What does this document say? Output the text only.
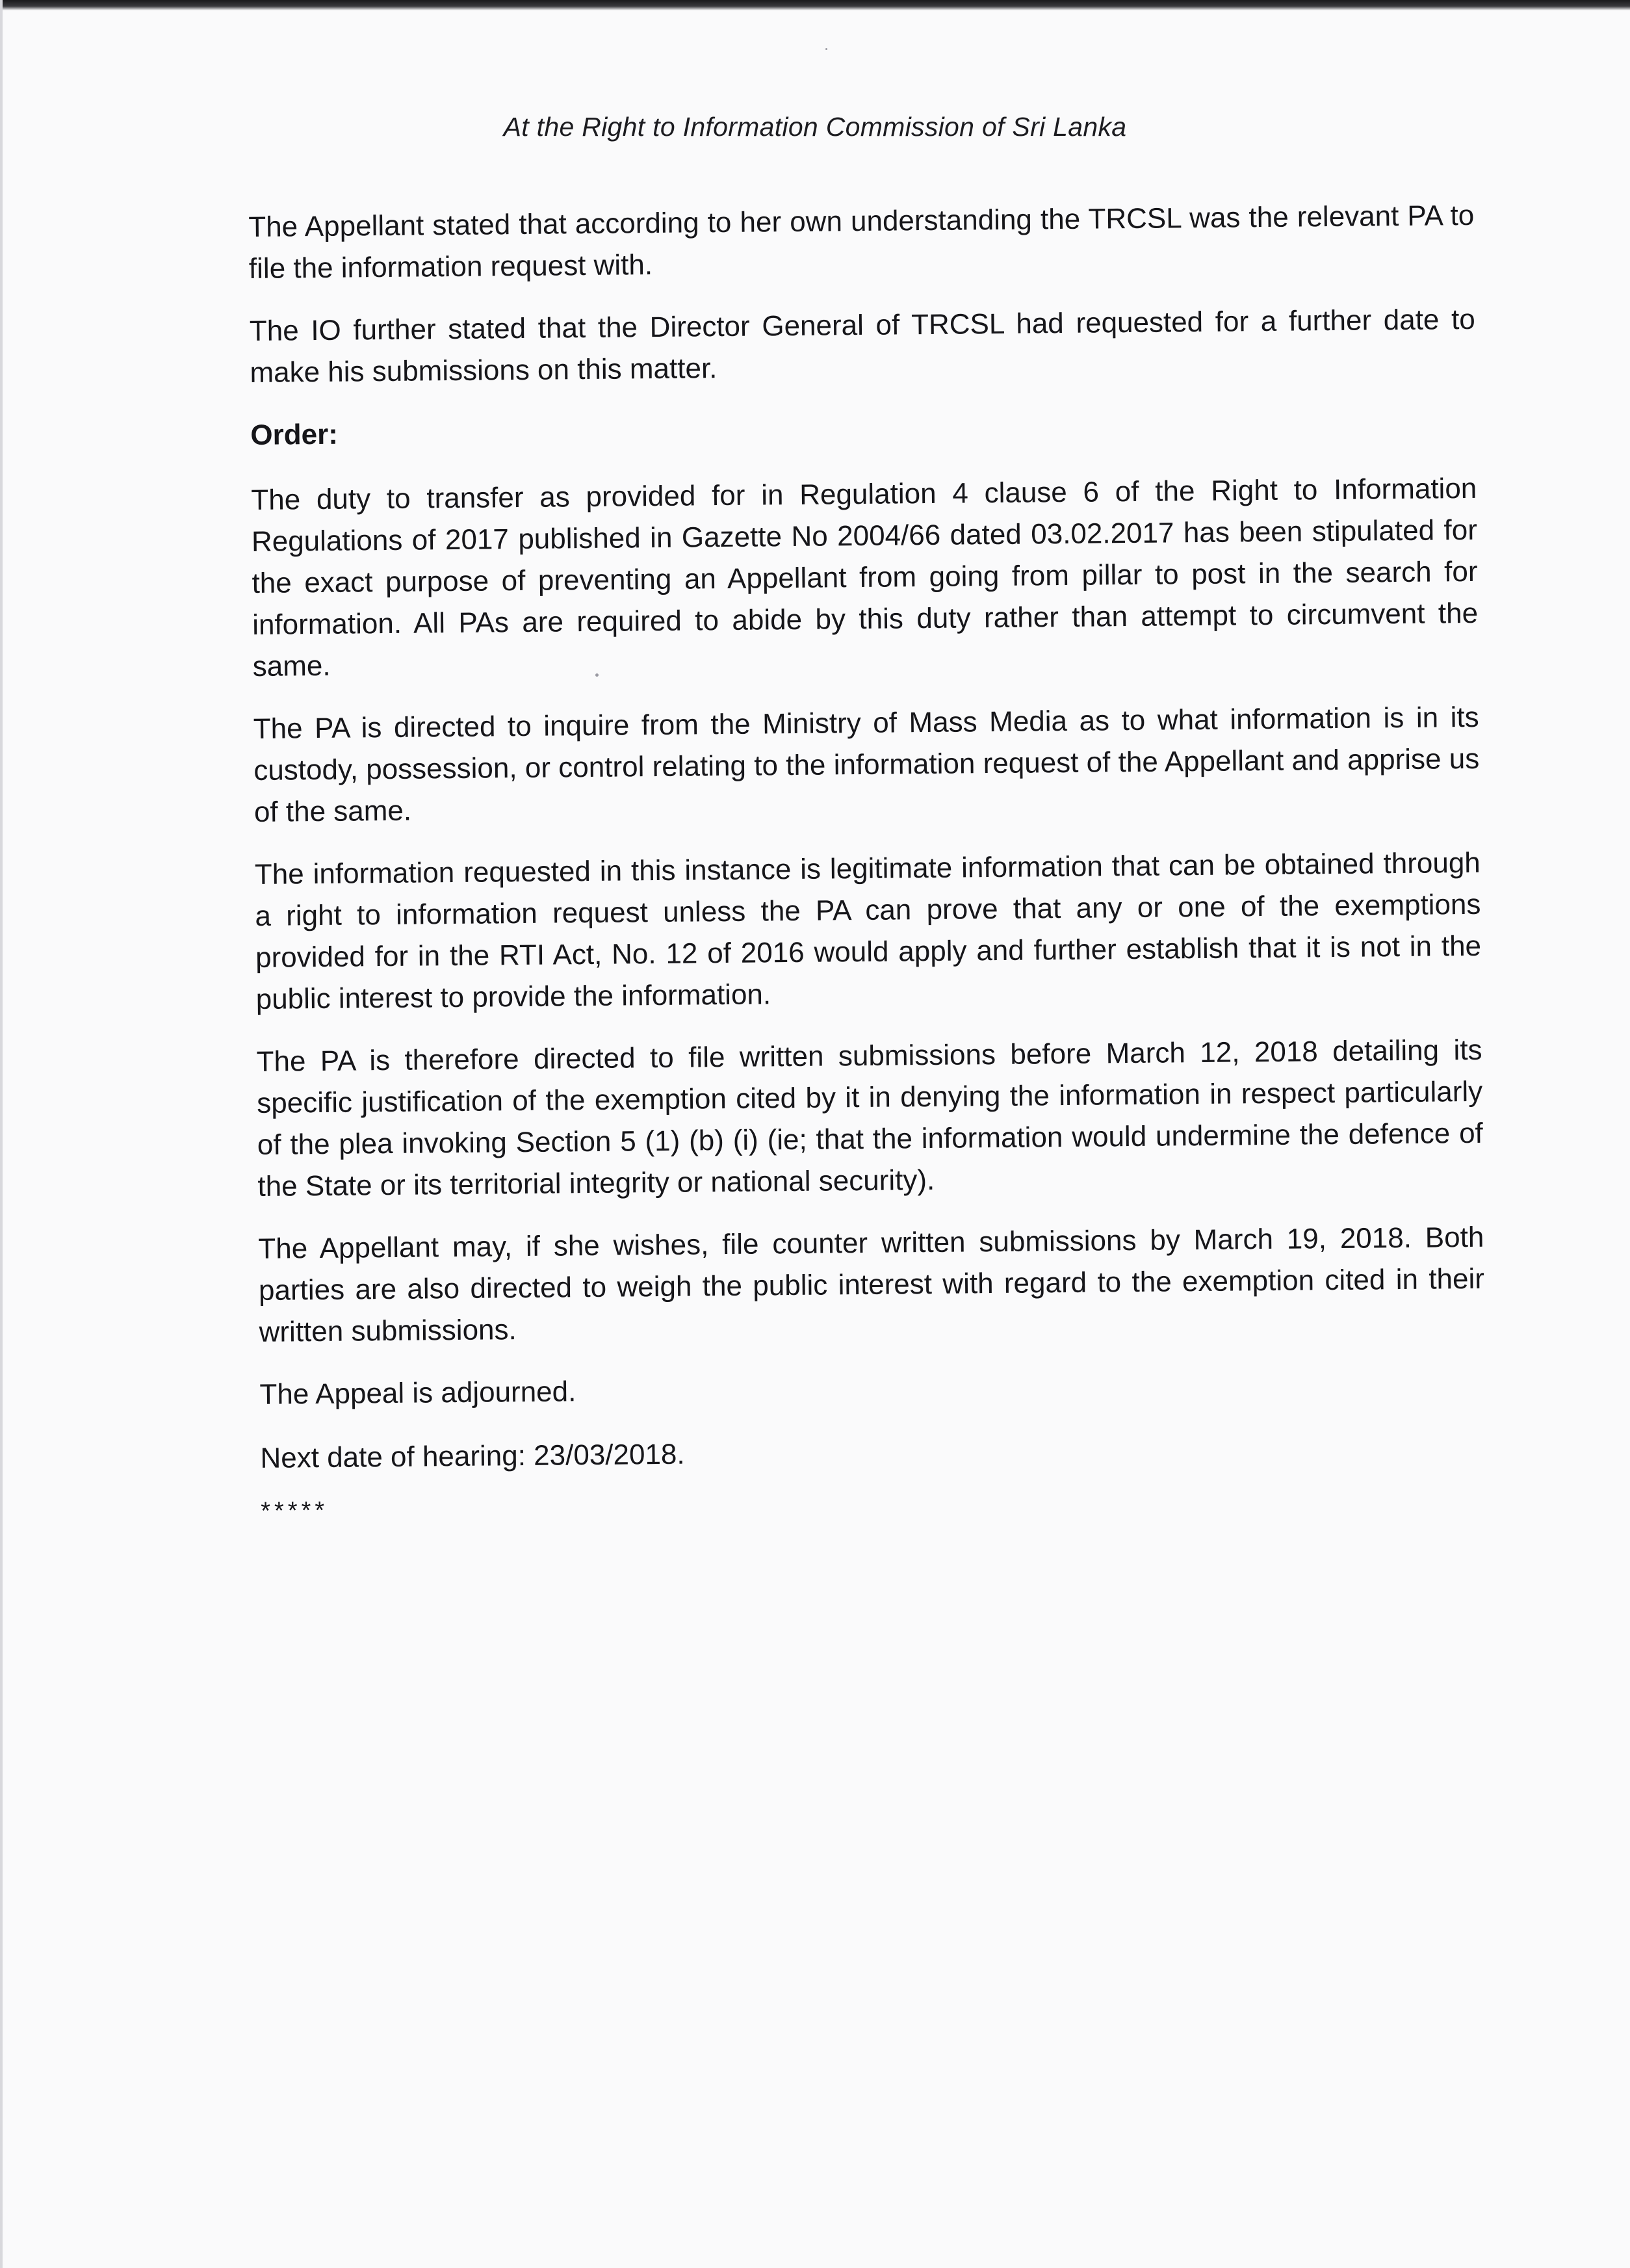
At the Right to Information Commission of Sri Lanka

The Appellant stated that according to her own understanding the TRCSL was the relevant PA to file the information request with.

The IO further stated that the Director General of TRCSL had requested for a further date to make his submissions on this matter.

Order:

The duty to transfer as provided for in Regulation 4 clause 6 of the Right to Information Regulations of 2017 published in Gazette No 2004/66 dated 03.02.2017 has been stipulated for the exact purpose of preventing an Appellant from going from pillar to post in the search for information. All PAs are required to abide by this duty rather than attempt to circumvent the same.

The PA is directed to inquire from the Ministry of Mass Media as to what information is in its custody, possession, or control relating to the information request of the Appellant and apprise us of the same.

The information requested in this instance is legitimate information that can be obtained through a right to information request unless the PA can prove that any or one of the exemptions provided for in the RTI Act, No. 12 of 2016 would apply and further establish that it is not in the public interest to provide the information.

The PA is therefore directed to file written submissions before March 12, 2018 detailing its specific justification of the exemption cited by it in denying the information in respect particularly of the plea invoking Section 5 (1) (b) (i) (ie; that the information would undermine the defence of the State or its territorial integrity or national security).

The Appellant may, if she wishes, file counter written submissions by March 19, 2018. Both parties are also directed to weigh the public interest with regard to the exemption cited in their written submissions.

The Appeal is adjourned.
Next date of hearing: 23/03/2018.
*****
